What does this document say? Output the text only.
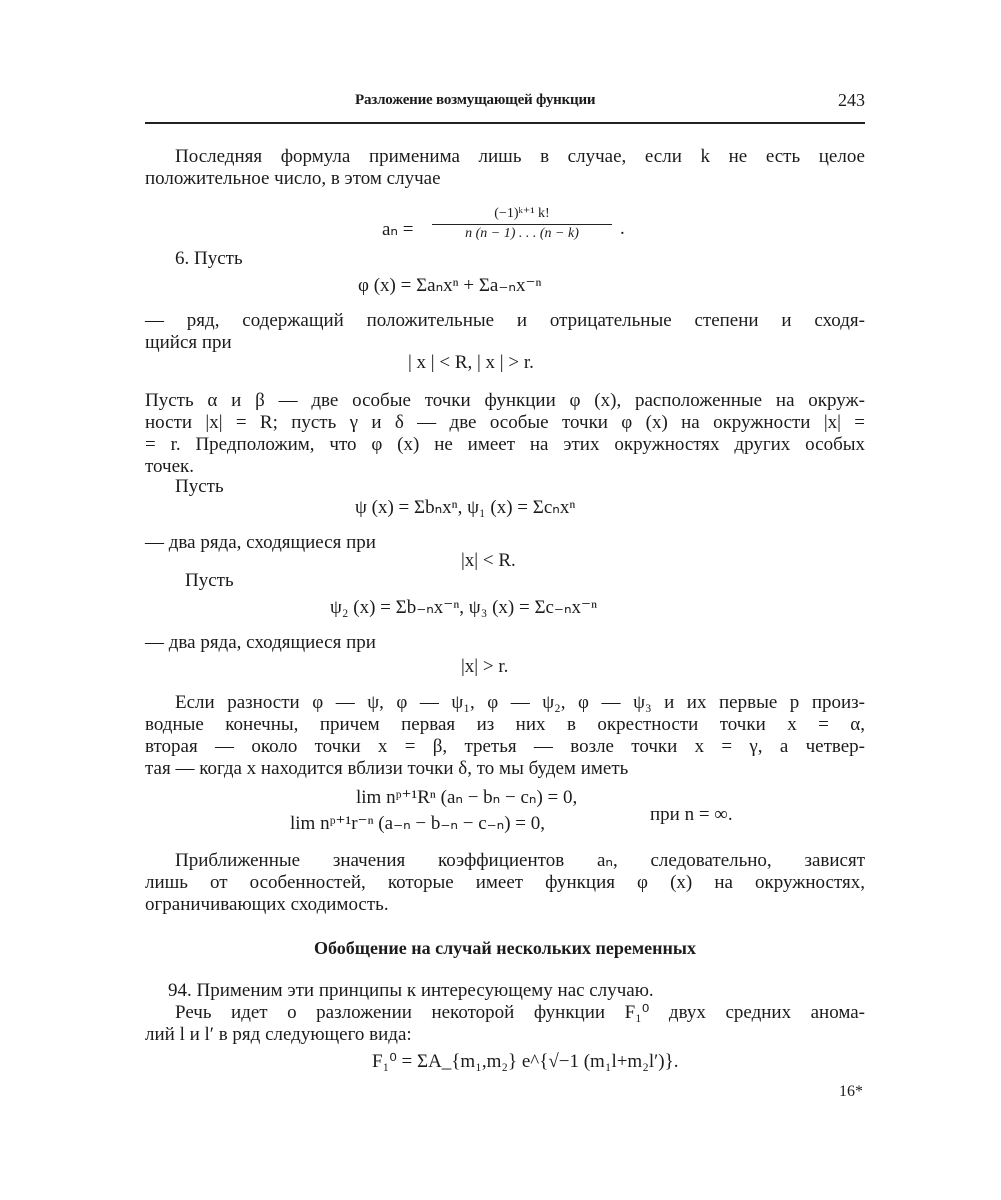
Разложение возмущающей функции	243
Последняя формула применима лишь в случае, если k не есть целое
положительное число, в этом случае
$a_n = \frac{\text{(−1)ᵏ⁺¹ k!}}{n (n - 1) . . . (n - k)}$ .
6. Пусть
φ (x) = Σaₙxⁿ + Σa₋ₙx⁻ⁿ
— ряд, содержащий положительные и отрицательные степени и сходя-
щийся при
| x | < R, | x | > r.
Пусть α и β — две особые точки функции φ (x), расположенные на окруж-
ности |x| = R; пусть γ и δ — две особые точки φ (x) на окружности |x| =
= r. Предположим, что φ (x) не имеет на этих окружностях других особых
точек.
Пусть
ψ (x) = Σbₙxⁿ, ψ₁ (x) = Σcₙxⁿ
— два ряда, сходящиеся при
|x| < R.
Пусть
ψ₂ (x) = Σb₋ₙx⁻ⁿ, ψ₃ (x) = Σc₋ₙx⁻ⁿ
— два ряда, сходящиеся при
|x| > r.
Если разности φ — ψ, φ — ψ₁, φ — ψ₂, φ — ψ₃ и их первые p произ-
водные конечны, причем первая из них в окрестности точки x = α,
вторая — около точки x = β, третья — возле точки x = γ, а четвер-
тая — когда x находится вблизи точки δ, то мы будем иметь
lim nᵖ⁺¹Rⁿ (aₙ − bₙ − cₙ) = 0,
lim nᵖ⁺¹r⁻ⁿ (a₋ₙ − b₋ₙ − c₋ₙ) = 0,	при n = ∞.
Приближенные значения коэффициентов aₙ, следовательно, зависят
лишь от особенностей, которые имеет функция φ (x) на окружностях,
ограничивающих сходимость.
Обобщение на случай нескольких переменных
94. Применим эти принципы к интересующему нас случаю.
Речь идет о разложении некоторой функции F₁⁰ двух средних анома-
лий l и l′ в ряд следующего вида:
F₁⁰ = ΣA_{m₁,m₂} e^{√−1 (m₁l+m₂l′)}.
16*
